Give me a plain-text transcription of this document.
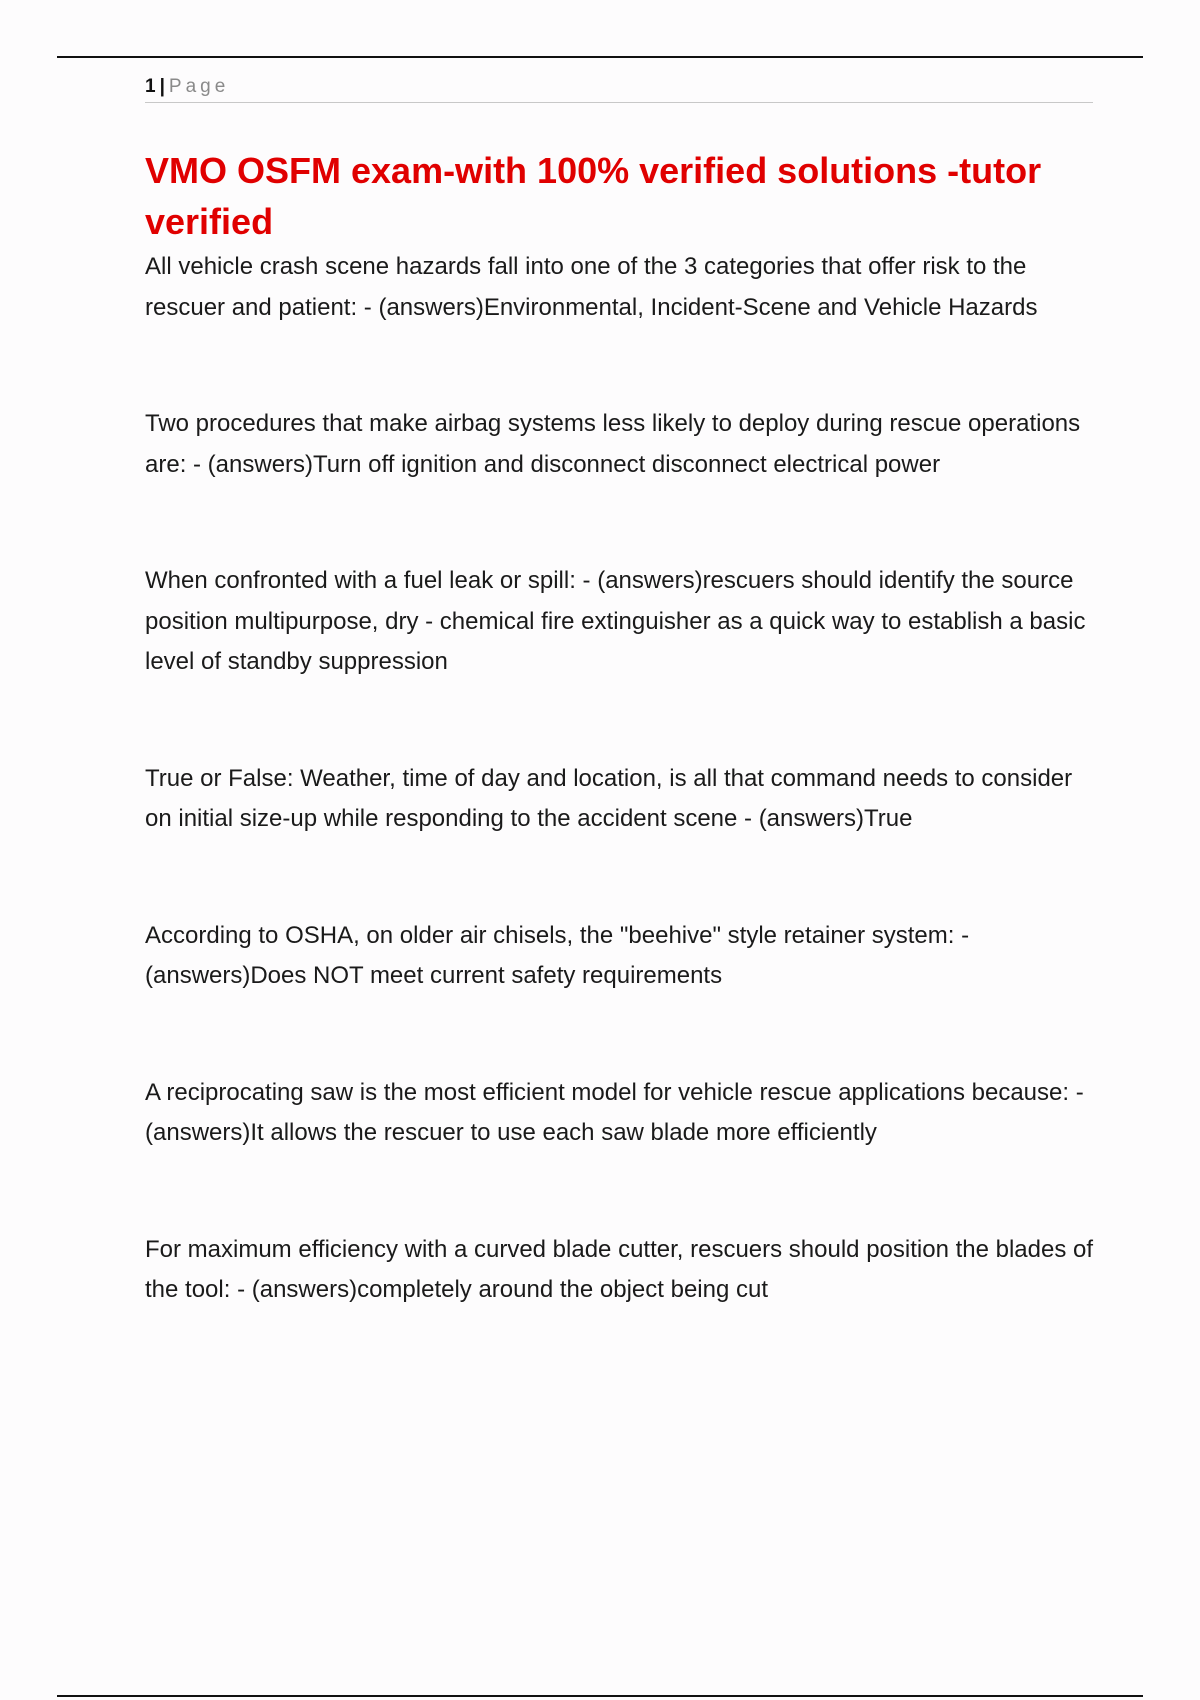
1 | Page
VMO OSFM exam-with 100% verified solutions -tutor verified

All vehicle crash scene hazards fall into one of the 3 categories that offer risk to the rescuer and patient: - (answers)Environmental, Incident-Scene and Vehicle Hazards

Two procedures that make airbag systems less likely to deploy during rescue operations are: - (answers)Turn off ignition and disconnect disconnect electrical power

When confronted with a fuel leak or spill: - (answers)rescuers should identify the source position multipurpose, dry - chemical fire extinguisher as a quick way to establish a basic level of standby suppression

True or False: Weather, time of day and location, is all that command needs to consider on initial size-up while responding to the accident scene - (answers)True

According to OSHA, on older air chisels, the "beehive" style retainer system: - (answers)Does NOT meet current safety requirements

A reciprocating saw is the most efficient model for vehicle rescue applications because: - (answers)It allows the rescuer to use each saw blade more efficiently

For maximum efficiency with a curved blade cutter, rescuers should position the blades of the tool: - (answers)completely around the object being cut
